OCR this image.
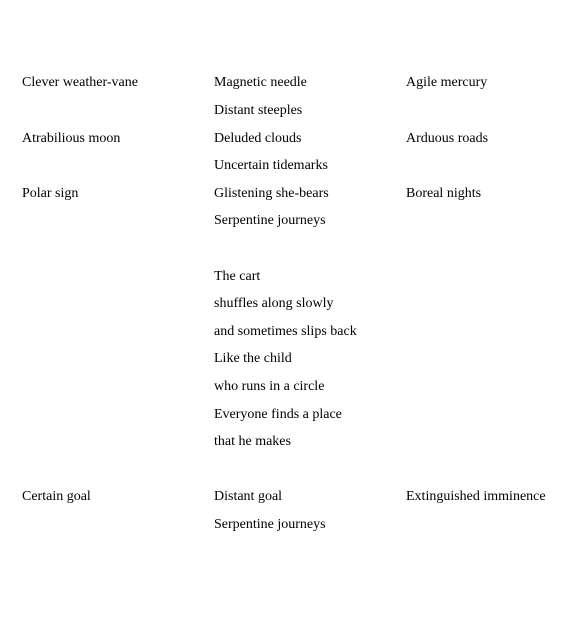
Clever weather-vane	Magnetic needle	Agile mercury
Distant steeples
Atrabilious moon	Deluded clouds	Arduous roads
Uncertain tidemarks
Polar sign	Glistening she-bears	Boreal nights
Serpentine journeys
The cart
shuffles along slowly
and sometimes slips back
Like the child
who runs in a circle
Everyone finds a place
that he makes
Certain goal	Distant goal	Extinguished imminence
Serpentine journeys
